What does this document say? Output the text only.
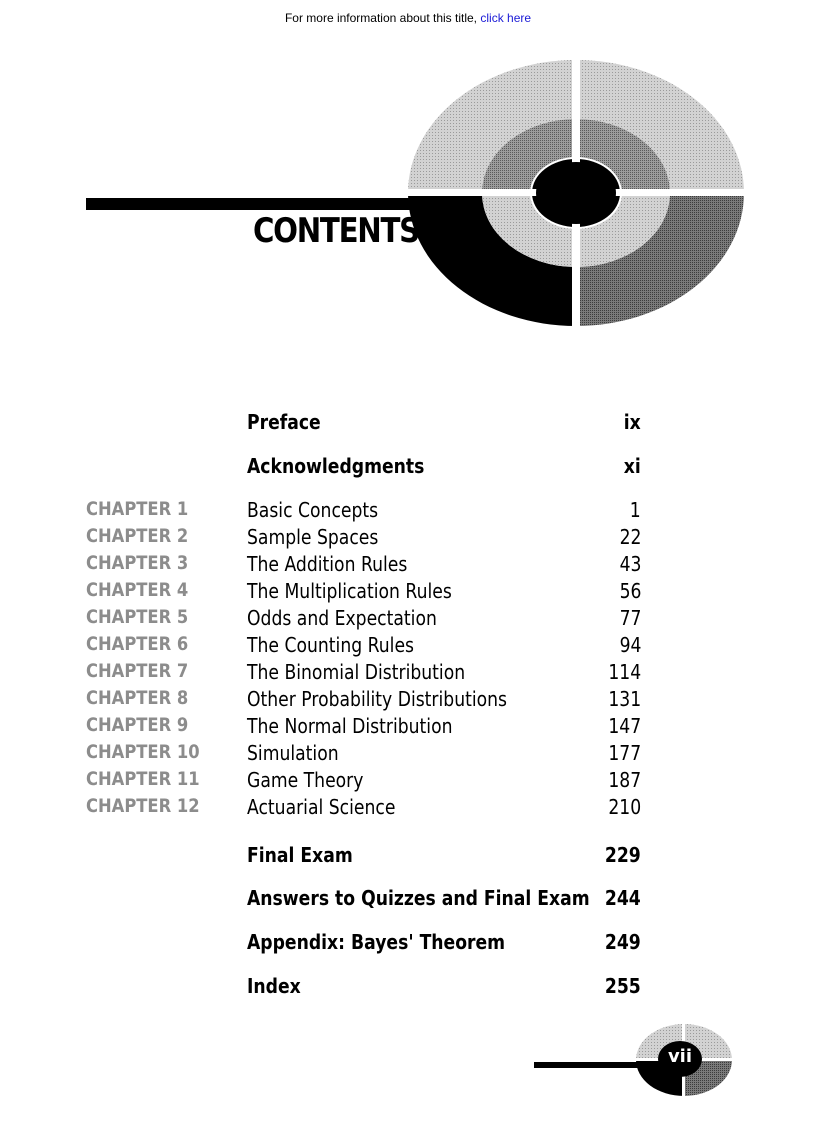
For more information about this title, click here
CONTENTS
Preface	ix
Acknowledgments	xi
CHAPTER 1	Basic Concepts	1
CHAPTER 2	Sample Spaces	22
CHAPTER 3	The Addition Rules	43
CHAPTER 4	The Multiplication Rules	56
CHAPTER 5	Odds and Expectation	77
CHAPTER 6	The Counting Rules	94
CHAPTER 7	The Binomial Distribution	114
CHAPTER 8	Other Probability Distributions	131
CHAPTER 9	The Normal Distribution	147
CHAPTER 10 Simulation	177
CHAPTER 11 Game Theory	187
CHAPTER 12 Actuarial Science	210
Final Exam	229
Answers to Quizzes and Final Exam 244
Appendix: Bayes' Theorem	249
Index	255
vii
